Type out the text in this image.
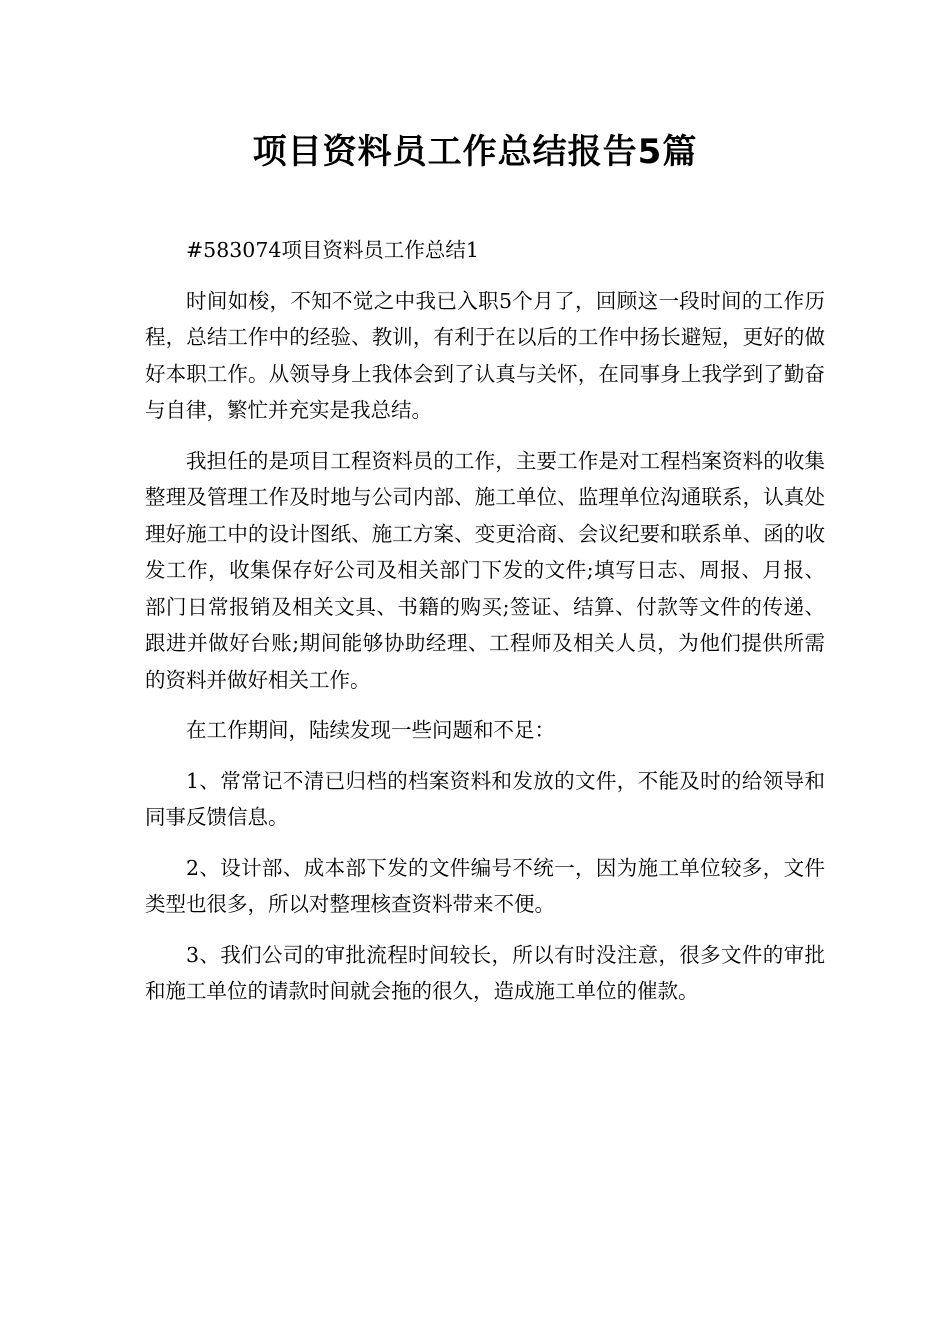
项目资料员工作总结报告5篇

#583074项目资料员工作总结1

时间如梭，不知不觉之中我已入职5个月了，回顾这一段时间的工作历程，总结工作中的经验、教训，有利于在以后的工作中扬长避短，更好的做好本职工作。从领导身上我体会到了认真与关怀，在同事身上我学到了勤奋与自律，繁忙并充实是我总结。

我担任的是项目工程资料员的工作，主要工作是对工程档案资料的收集整理及管理工作及时地与公司内部、施工单位、监理单位沟通联系，认真处理好施工中的设计图纸、施工方案、变更洽商、会议纪要和联系单、函的收发工作，收集保存好公司及相关部门下发的文件;填写日志、周报、月报、部门日常报销及相关文具、书籍的购买;签证、结算、付款等文件的传递、跟进并做好台账;期间能够协助经理、工程师及相关人员，为他们提供所需的资料并做好相关工作。

在工作期间，陆续发现一些问题和不足：

1、常常记不清已归档的档案资料和发放的文件，不能及时的给领导和同事反馈信息。

2、设计部、成本部下发的文件编号不统一，因为施工单位较多，文件类型也很多，所以对整理核查资料带来不便。

3、我们公司的审批流程时间较长，所以有时没注意，很多文件的审批和施工单位的请款时间就会拖的很久，造成施工单位的催款。
